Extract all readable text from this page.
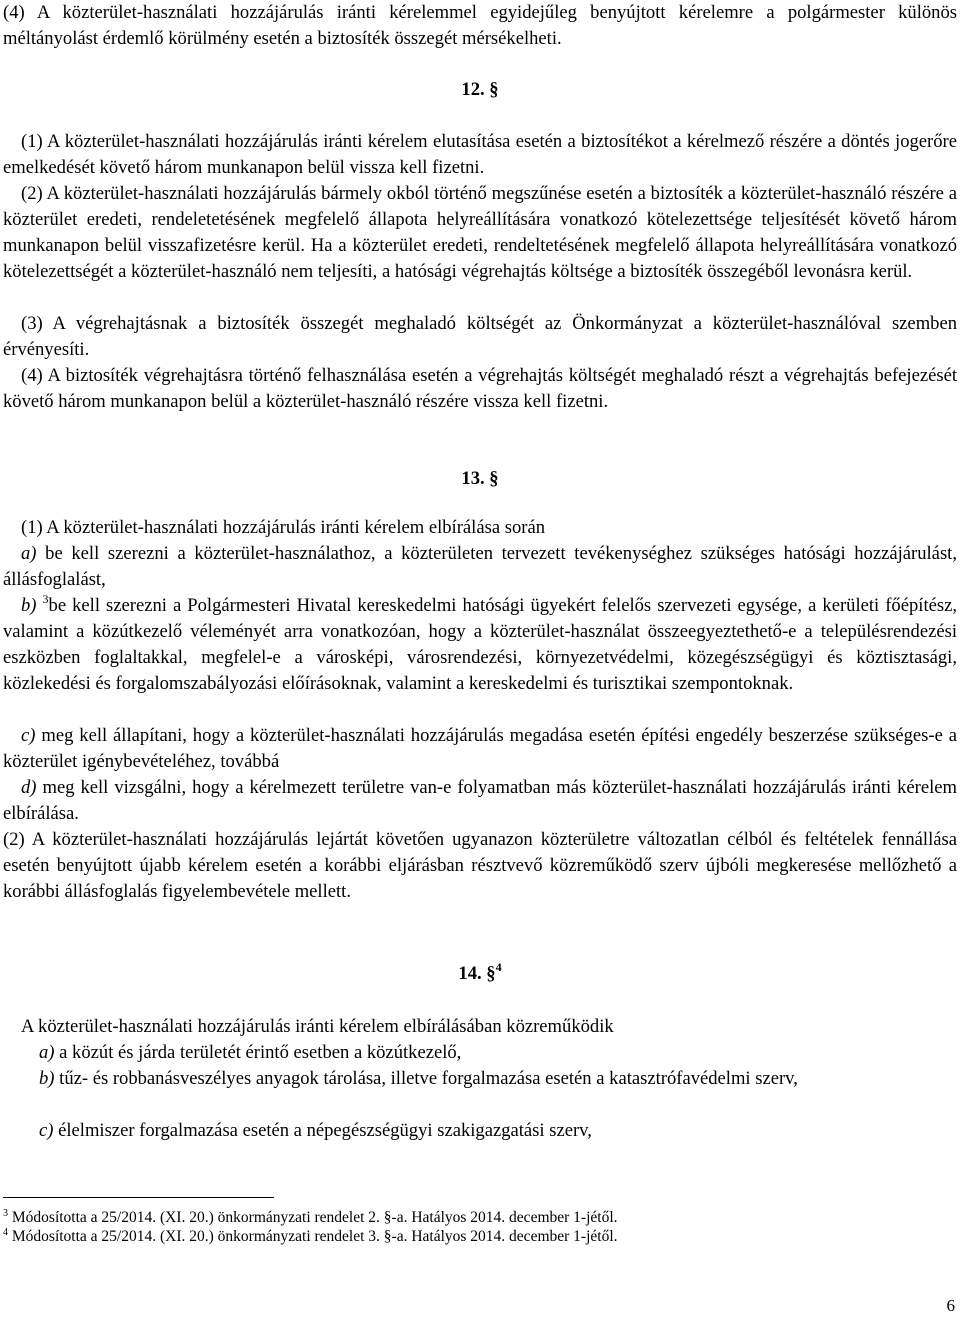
(4) A közterület-használati hozzájárulás iránti kérelemmel egyidejűleg benyújtott kérelemre a polgármester különös méltányolást érdemlő körülmény esetén a biztosíték összegét mérsékelheti.

12. §

(1) A közterület-használati hozzájárulás iránti kérelem elutasítása esetén a biztosítékot a kérelmező részére a döntés jogerőre emelkedését követő három munkanapon belül vissza kell fizetni.

(2) A közterület-használati hozzájárulás bármely okból történő megszűnése esetén a biztosíték a közterület-használó részére a közterület eredeti, rendeletetésének megfelelő állapota helyreállítására vonatkozó kötelezettsége teljesítését követő három munkanapon belül visszafizetésre kerül. Ha a közterület eredeti, rendeltetésének megfelelő állapota helyreállítására vonatkozó kötelezettségét a közterület-használó nem teljesíti, a hatósági végrehajtás költsége a biztosíték összegéből levonásra kerül.

(3) A végrehajtásnak a biztosíték összegét meghaladó költségét az Önkormányzat a közterület-használóval szemben érvényesíti.

(4) A biztosíték végrehajtásra történő felhasználása esetén a végrehajtás költségét meghaladó részt a végrehajtás befejezését követő három munkanapon belül a közterület-használó részére vissza kell fizetni.

13. §

(1) A közterület-használati hozzájárulás iránti kérelem elbírálása során

a) be kell szerezni a közterület-használathoz, a közterületen tervezett tevékenységhez szükséges hatósági hozzájárulást, állásfoglalást,

b) $^3$be kell szerezni a Polgármesteri Hivatal kereskedelmi hatósági ügyekért felelős szervezeti egysége, a kerületi főépítész, valamint a közútkezelő véleményét arra vonatkozóan, hogy a közterület-használat összeegyeztethető-e a településrendezési eszközben foglaltakkal, megfelel-e a városképi, városrendezési, környezetvédelmi, közegészségügyi és köztisztasági, közlekedési és forgalomszabályozási előírásoknak, valamint a kereskedelmi és turisztikai szempontoknak.

c) meg kell állapítani, hogy a közterület-használati hozzájárulás megadása esetén építési engedély beszerzése szükséges-e a közterület igénybevételéhez, továbbá

d) meg kell vizsgálni, hogy a kérelmezett területre van-e folyamatban más közterület-használati hozzájárulás iránti kérelem elbírálása.

(2) A közterület-használati hozzájárulás lejártát követően ugyanazon közterületre változatlan célból és feltételek fennállása esetén benyújtott újabb kérelem esetén a korábbi eljárásban résztvevő közreműködő szerv újbóli megkeresése mellőzhető a korábbi állásfoglalás figyelembevétele mellett.

14. §$^4$

A közterület-használati hozzájárulás iránti kérelem elbírálásában közreműködik

a) a közút és járda területét érintő esetben a közútkezelő,

b) tűz- és robbanásveszélyes anyagok tárolása, illetve forgalmazása esetén a katasztrófavédelmi szerv,

c) élelmiszer forgalmazása esetén a népegészségügyi szakigazgatási szerv,

$^3$ Módosította a 25/2014. (XI. 20.) önkormányzati rendelet 2. §-a. Hatályos 2014. december 1-jétől.

$^4$ Módosította a 25/2014. (XI. 20.) önkormányzati rendelet 3. §-a. Hatályos 2014. december 1-jétől.

6
